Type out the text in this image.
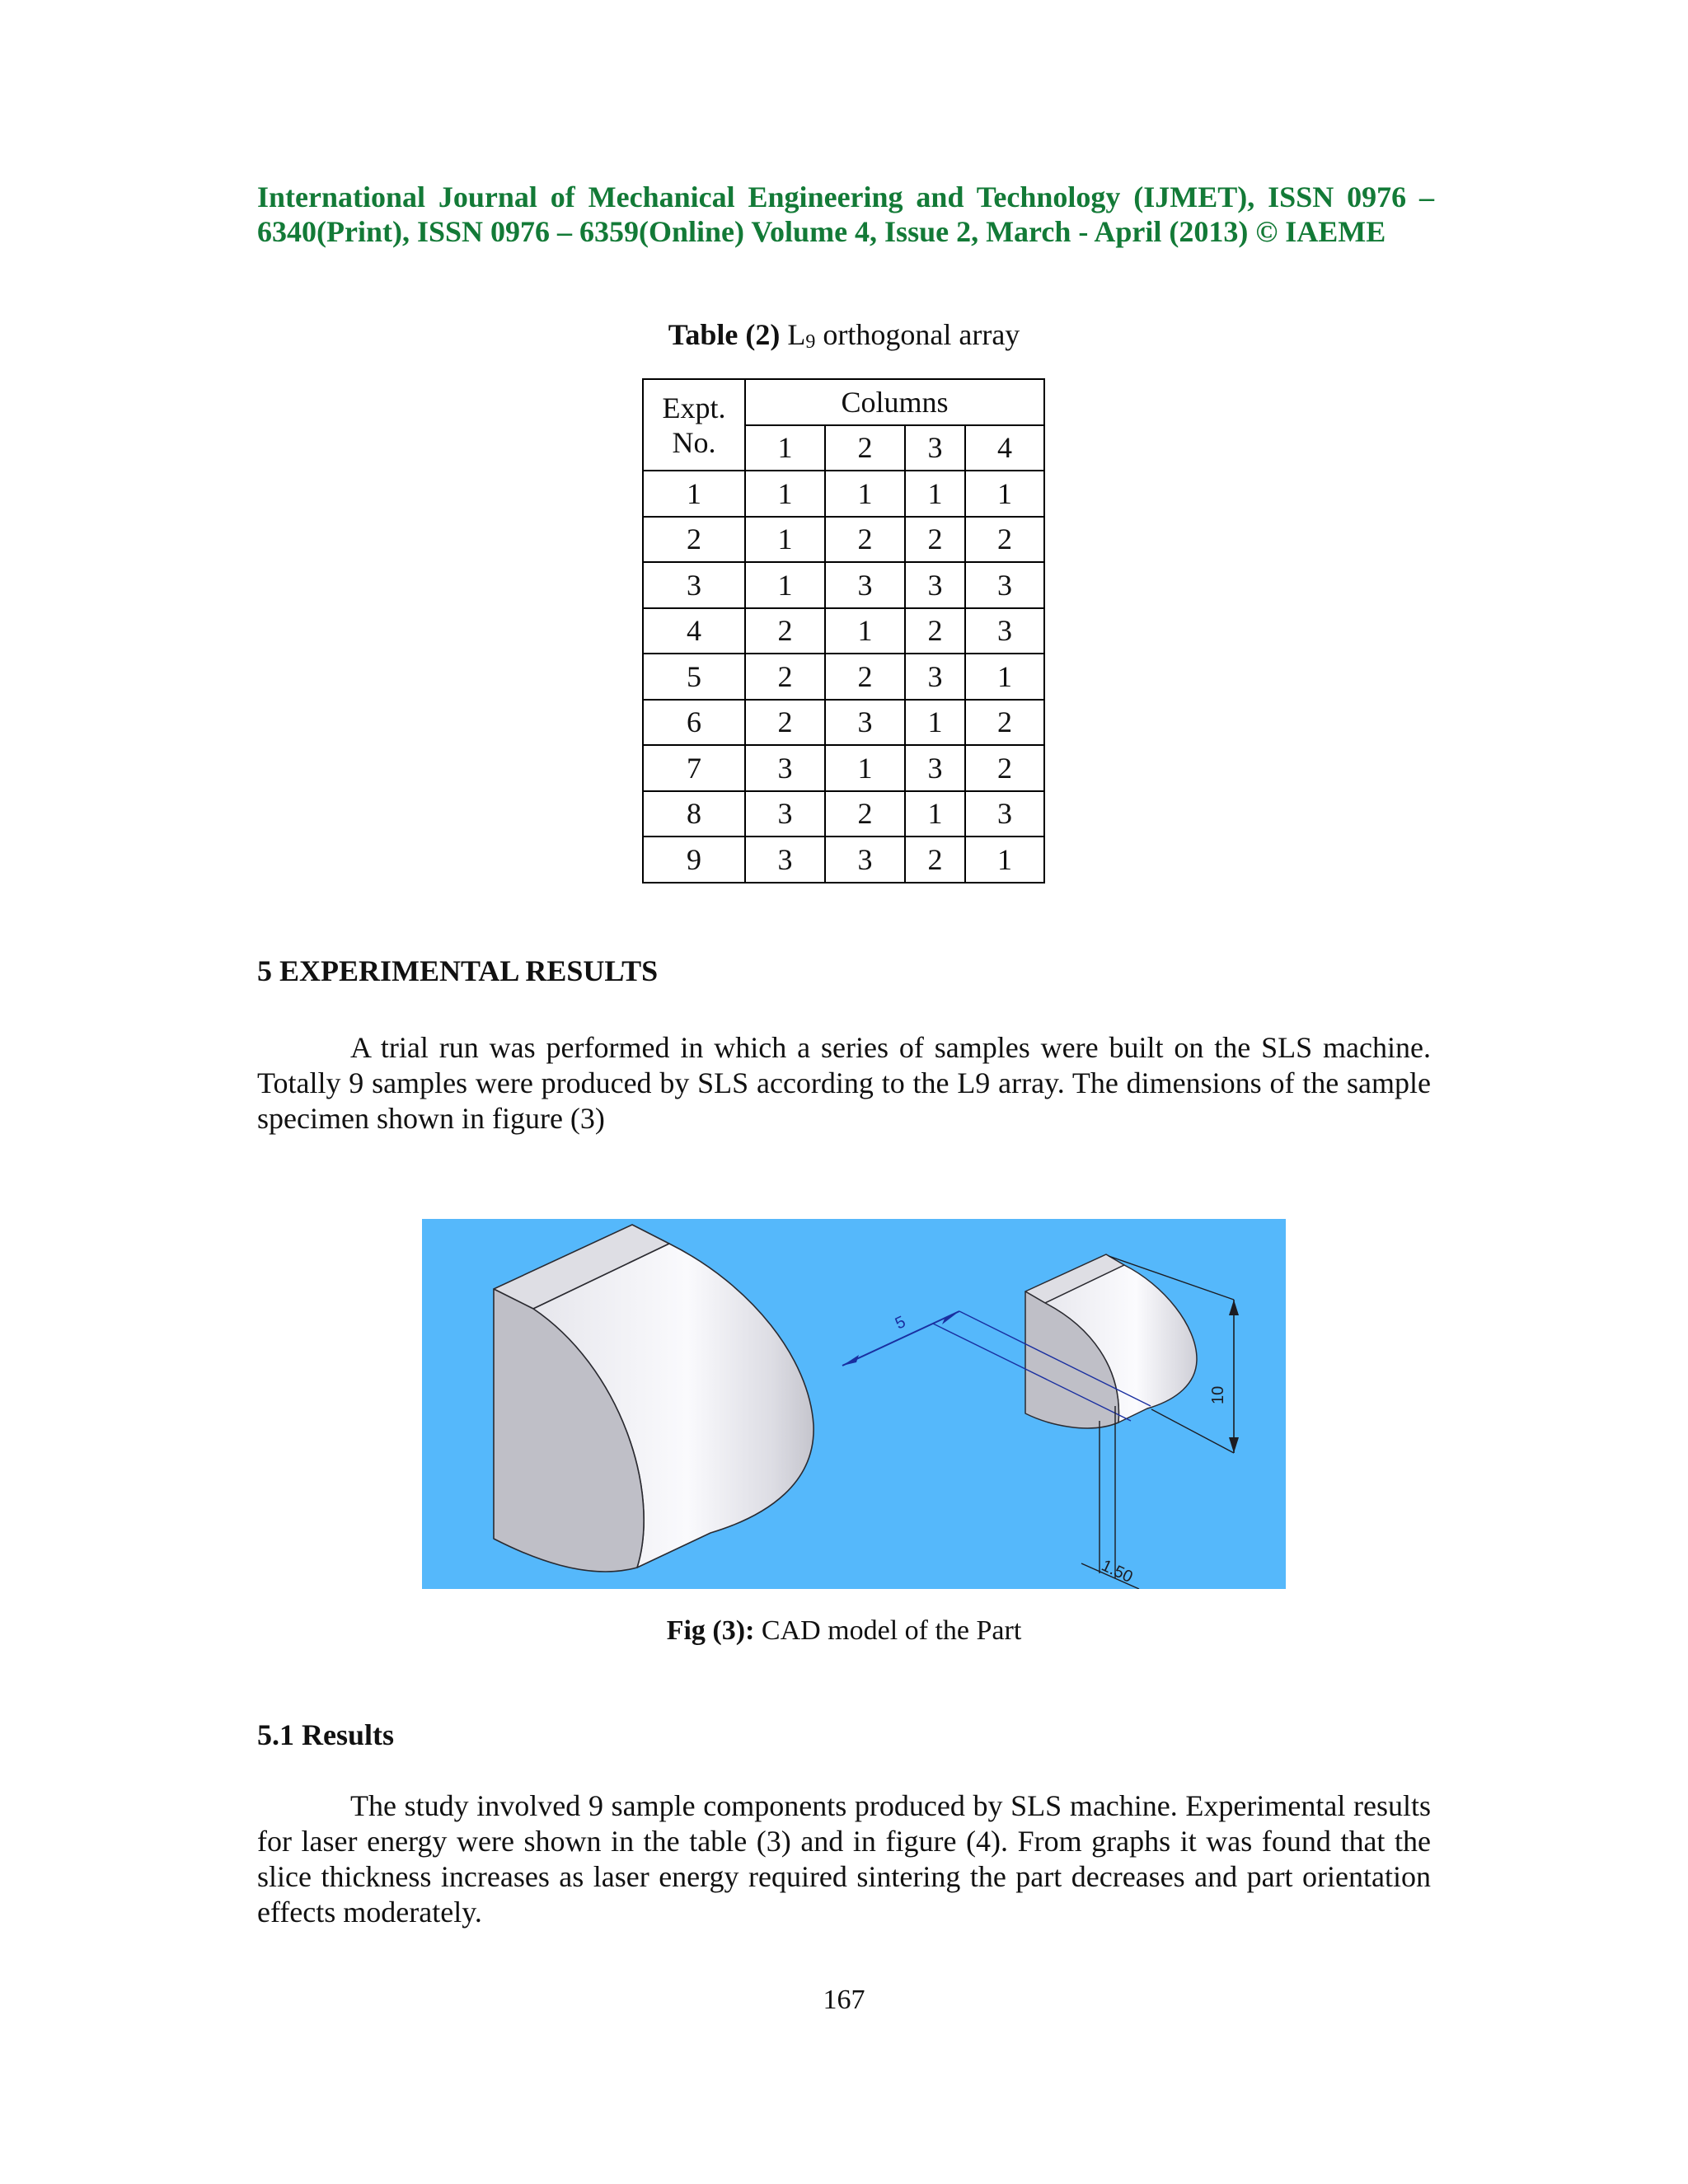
International Journal of Mechanical Engineering and Technology (IJMET), ISSN 0976 – 6340(Print), ISSN 0976 – 6359(Online) Volume 4, Issue 2, March - April (2013) © IAEME
Table (2) L9 orthogonal array
Expt.
No.	Columns			
	1	2	3	4
1	1	1	1	1
2	1	2	2	2
3	1	3	3	3
4	2	1	2	3
5	2	2	3	1
6	2	3	1	2
7	3	1	3	2
8	3	2	1	3
9	3	3	2	1
5 EXPERIMENTAL RESULTS
A trial run was performed in which a series of samples were built on the SLS machine. Totally 9 samples were produced by SLS according to the L9 array. The dimensions of the sample specimen shown in figure (3)
5
10
1.50
Fig (3): CAD model of the Part
5.1 Results
The study involved 9 sample components produced by SLS machine. Experimental results for laser energy were shown in the table (3) and in figure (4). From graphs it was found that the slice thickness increases as laser energy required sintering the part decreases and part orientation effects moderately.
167
